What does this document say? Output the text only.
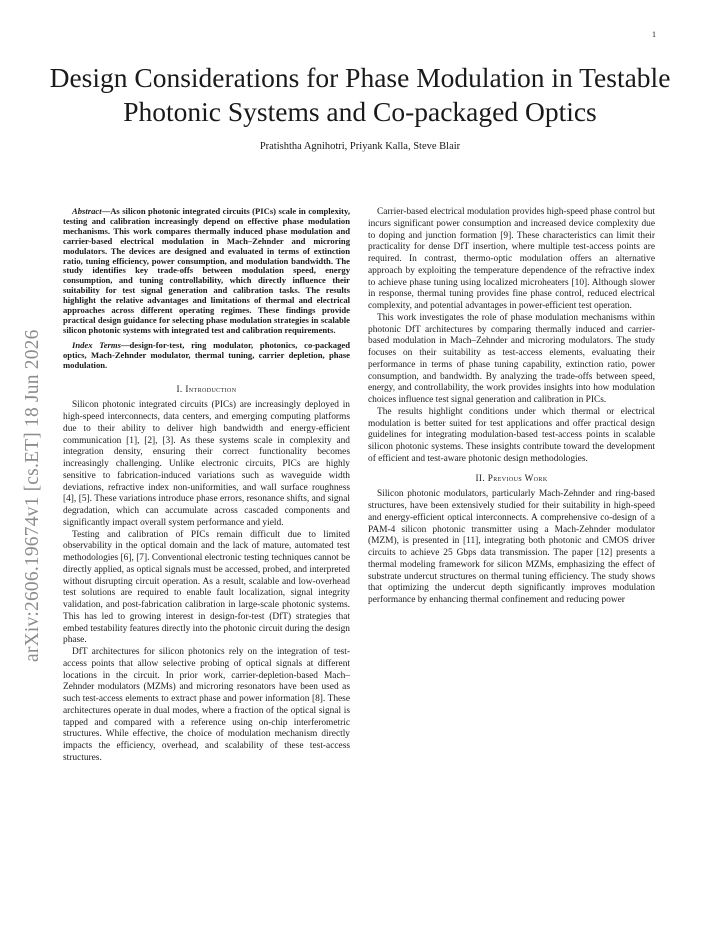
1
arXiv:2606.19674v1 [cs.ET] 18 Jun 2026
Design Considerations for Phase Modulation in Testable Photonic Systems and Co-packaged Optics
Pratishtha Agnihotri, Priyank Kalla, Steve Blair

Abstract—As silicon photonic integrated circuits (PICs) scale in complexity, testing and calibration increasingly depend on effective phase modulation mechanisms. This work compares thermally induced phase modulation and carrier-based electrical modulation in Mach–Zehnder and microring modulators. The devices are designed and evaluated in terms of extinction ratio, tuning efficiency, power consumption, and modulation bandwidth. The study identifies key trade-offs between modulation speed, energy consumption, and tuning controllability, which directly influence their suitability for test signal generation and calibration tasks. The results highlight the relative advantages and limitations of thermal and electrical approaches across different operating regimes. These findings provide practical design guidance for selecting phase modulation strategies in scalable silicon photonic systems with integrated test and calibration requirements.

Index Terms—design-for-test, ring modulator, photonics, co-packaged optics, Mach-Zehnder modulator, thermal tuning, carrier depletion, phase modulation.

I. Introduction

Silicon photonic integrated circuits (PICs) are increasingly deployed in high-speed interconnects, data centers, and emerging computing platforms due to their ability to deliver high bandwidth and energy-efficient communication [1], [2], [3]. As these systems scale in complexity and integration density, ensuring their correct functionality becomes increasingly challenging. Unlike electronic circuits, PICs are highly sensitive to fabrication-induced variations such as waveguide width deviations, refractive index non-uniformities, and wall surface roughness [4], [5]. These variations introduce phase errors, resonance shifts, and signal degradation, which can accumulate across cascaded components and significantly impact overall system performance and yield.

Testing and calibration of PICs remain difficult due to limited observability in the optical domain and the lack of mature, automated test methodologies [6], [7]. Conventional electronic testing techniques cannot be directly applied, as optical signals must be accessed, probed, and interpreted without disrupting circuit operation. As a result, scalable and low-overhead test solutions are required to enable fault localization, signal integrity validation, and post-fabrication calibration in large-scale photonic systems. This has led to growing interest in design-for-test (DfT) strategies that embed testability features directly into the photonic circuit during the design phase.

DfT architectures for silicon photonics rely on the integration of test-access points that allow selective probing of optical signals at different locations in the circuit. In prior work, carrier-depletion-based Mach–Zehnder modulators (MZMs) and microring resonators have been used as such test-access elements to extract phase and power information [8]. These architectures operate in dual modes, where a fraction of the optical signal is tapped and compared with a reference using on-chip interferometric structures. While effective, the choice of modulation mechanism directly impacts the efficiency, overhead, and scalability of these test-access structures.

Carrier-based electrical modulation provides high-speed phase control but incurs significant power consumption and increased device complexity due to doping and junction formation [9]. These characteristics can limit their practicality for dense DfT insertion, where multiple test-access points are required. In contrast, thermo-optic modulation offers an alternative approach by exploiting the temperature dependence of the refractive index to achieve phase tuning using localized microheaters [10]. Although slower in response, thermal tuning provides fine phase control, reduced electrical complexity, and potential advantages in power-efficient test operation.

This work investigates the role of phase modulation mechanisms within photonic DfT architectures by comparing thermally induced and carrier-based modulation in Mach–Zehnder and microring modulators. The study focuses on their suitability as test-access elements, evaluating their performance in terms of phase tuning capability, extinction ratio, power consumption, and bandwidth. By analyzing the trade-offs between speed, energy, and controllability, the work provides insights into how modulation choices influence test signal generation and calibration in PICs.

The results highlight conditions under which thermal or electrical modulation is better suited for test applications and offer practical design guidelines for integrating modulation-based test-access points in scalable silicon photonic systems. These insights contribute toward the development of efficient and test-aware photonic design methodologies.

II. Previous Work

Silicon photonic modulators, particularly Mach-Zehnder and ring-based structures, have been extensively studied for their suitability in high-speed and energy-efficient optical interconnects. A comprehensive co-design of a PAM-4 silicon photonic transmitter using a Mach-Zehnder modulator (MZM), is presented in [11], integrating both photonic and CMOS driver circuits to achieve 25 Gbps data transmission. The paper [12] presents a thermal modeling framework for silicon MZMs, emphasizing the effect of substrate undercut structures on thermal tuning efficiency. The study shows that optimizing the undercut depth significantly improves modulation performance by enhancing thermal confinement and reducing power
